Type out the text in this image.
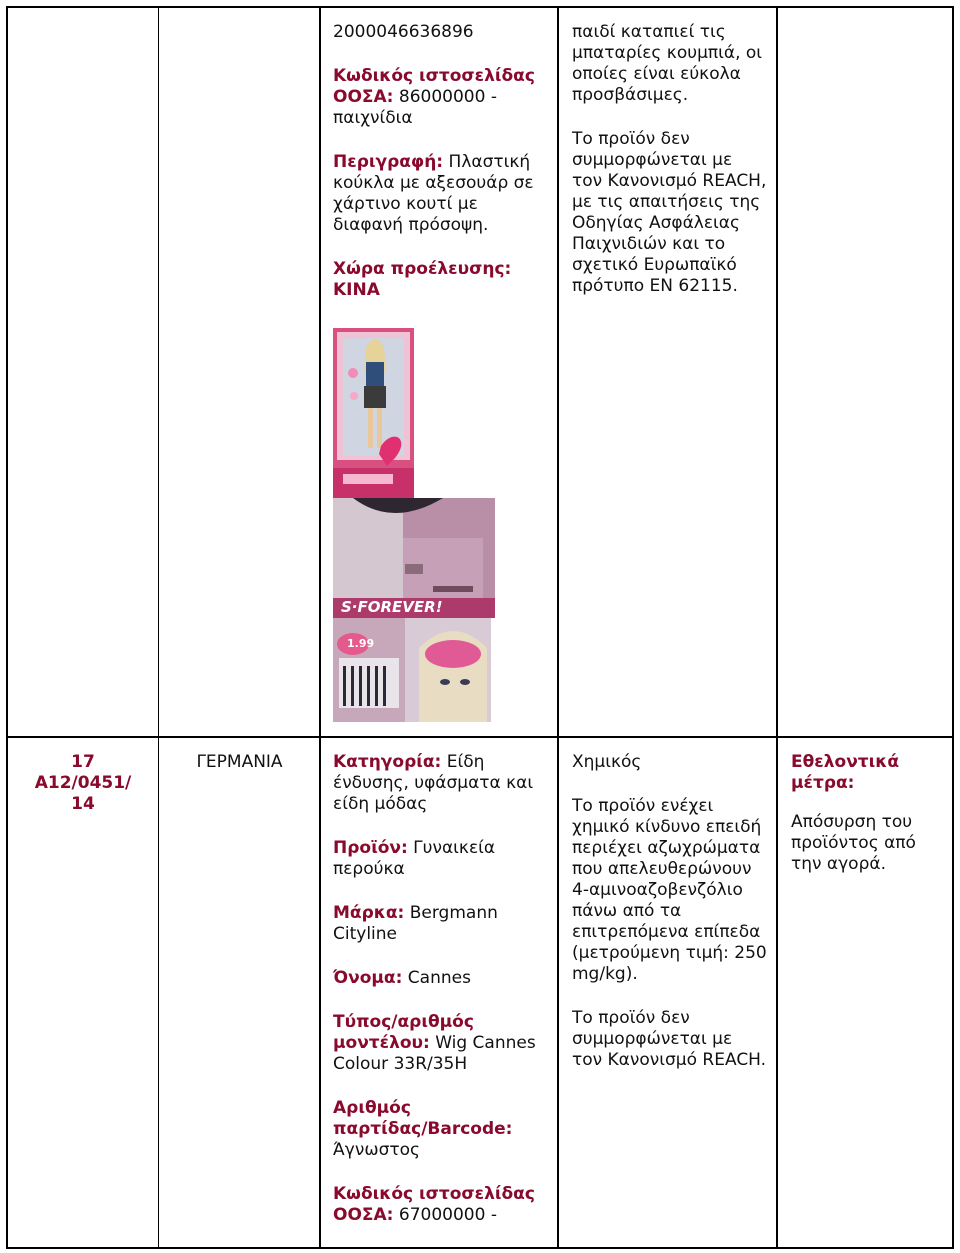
2000046636896

Κωδικός ιστοσελίδας ΟΟΣΑ: 86000000 - παιχνίδια

Περιγραφή: Πλαστική κούκλα με αξεσουάρ σε χάρτινο κουτί με διαφανή πρόσοψη.

Χώρα προέλευσης:
ΚΙΝΑ

S·FOREVER!
1.99

παιδί καταπιεί τις μπαταρίες κουμπιά, οι οποίες είναι εύκολα προσβάσιμες.

Το προϊόν δεν συμμορφώνεται με τον Κανονισμό REACH, με τις απαιτήσεις της Οδηγίας Ασφάλειας Παιχνιδιών και το σχετικό Ευρωπαϊκό πρότυπο EN 62115.

17
A12/0451/ 14
ΓΕΡΜΑΝΙΑ	Κατηγορία: Είδη ένδυσης, υφάσματα και είδη μόδας

Προϊόν: Γυναικεία περούκα

Μάρκα: Bergmann Cityline

Όνομα: Cannes

Τύπος/αριθμός μοντέλου: Wig Cannes Colour 33R/35H

Αριθμός παρτίδας/Barcode: Άγνωστος

Κωδικός ιστοσελίδας ΟΟΣΑ: 67000000 -

Χημικός

Το προϊόν ενέχει χημικό κίνδυνο επειδή περιέχει αζωχρώματα που απελευθερώνουν 4-αμινοαζοβενζόλιο πάνω από τα επιτρεπόμενα επίπεδα (μετρούμενη τιμή: 250 mg/kg).

Το προϊόν δεν συμμορφώνεται με τον Κανονισμό REACH.

Εθελοντικά μέτρα:

Απόσυρση του προϊόντος από την αγορά.
